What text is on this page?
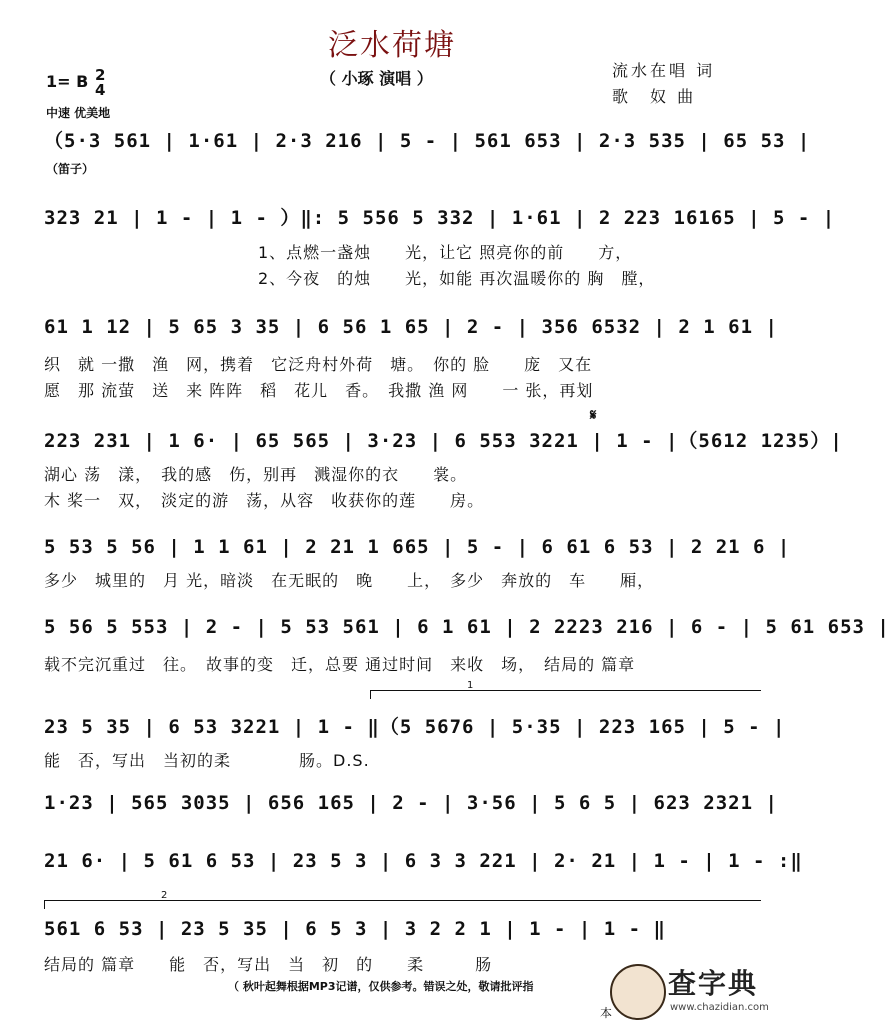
泛水荷塘
（ 小琢 演唱 ）	流水在唱 词
歌　奴 曲
1= B 2
4
中速 优美地
（笛子）
（5·3 561 | 1·61 | 2·3 216 | 5 - | 561 653 | 2·3 535 | 65 53 |
323 21 | 1 - | 1 - ）‖: 5 556 5 332 | 1·61 | 2 223 16165 | 5 - |
1、点燃一盏烛　　光，让它 照亮你的前　　方，
2、今夜　的烛　　光，如能 再次温暖你的 胸　膛，
61 1 12 | 5 65 3 35 | 6 56 1 65 | 2 - | 356 6532 | 2 1 61 |
织　就 一撒　渔　网，携着　它泛舟村外荷　塘。　你的 脸　　庞　又在
愿　那 流萤　送　来 阵阵　稻　花儿　香。　我撒 渔 网　　一 张，再划
𝄋
223 231 | 1 6· | 65 565 | 3·23 | 6 553 3221 | 1 - |（5612 1235）|
湖心 荡　漾，　我的感　伤，别再　溅湿你的衣　　裳。
木 桨一　双，　淡定的游　荡，从容　收获你的莲　　房。
5 53 5 56 | 1 1 61 | 2 21 1 665 | 5 - | 6 61 6 53 | 2 21 6 |
多少　城里的　月 光，暗淡　在无眠的　晚　　上，　多少　奔放的　车　　厢，
5 56 5 553 | 2 - | 5 53 561 | 6 1 61 | 2 2223 216 | 6 - | 5 61 653 |
载不完沉重过　往。　故事的变　迁，总要 通过时间　来收　场，　结局的 篇章
1
23 5 35 | 6 53 3221 | 1 - ‖（5 5676 | 5·35 | 223 165 | 5 - |
能　否，写出　当初的柔　　　　肠。D.S.
1·23 | 565 3035 | 656 165 | 2 - | 3·56 | 5 6 5 | 623 2321 |
21 6· | 5 61 6 53 | 23 5 3 | 6 3 3 221 | 2· 21 | 1 - | 1 - :‖
2
561 6 53 | 23 5 35 | 6 5 3 | 3 2 2 1 | 1 - | 1 - ‖
结局的 篇章　　能　否，写出　当　初　的　　柔　　　肠
（ 秋叶起舞根据MP3记谱，仅供参考。错误之处，敬请批评指
本
查字典
www.chazidian.com
